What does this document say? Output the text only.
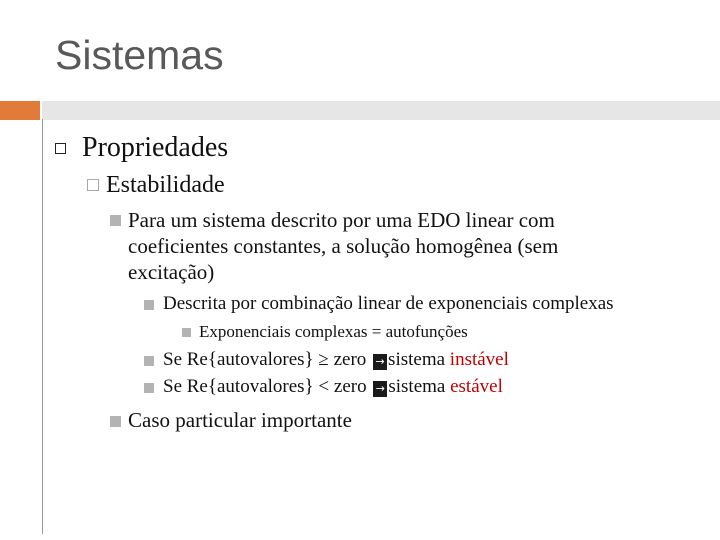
Sistemas
Propriedades
Estabilidade
Para um sistema descrito por uma EDO linear com
coeficientes constantes, a solução homogênea (sem
excitação)
Descrita por combinação linear de exponenciais complexas
Exponenciais complexas = autofunções
Se Re{autovalores} ≥ zero → sistema instável
Se Re{autovalores} < zero → sistema estável
Caso particular importante
